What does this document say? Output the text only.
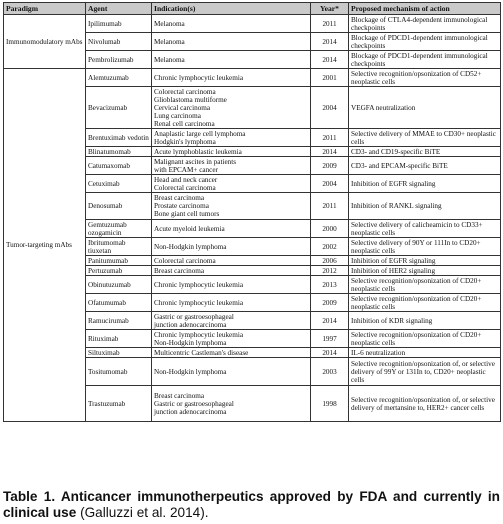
Paradigm	Agent	Indication(s)	Year*	Proposed mechanism of action
Immunomodulatory mAbs	Ipilimumab	Melanoma	2011	Blockage of CTLA4-dependent immunological checkpoints
	Nivolumab	Melanoma	2014	Blockage of PDCD1-dependent immunological checkpoints
	Pembrolizumab	Melanoma	2014	Blockage of PDCD1-dependent immunological checkpoints
Tumor-targeting mAbs	Alemtuzumab	Chronic lymphocytic leukemia	2001	Selective recognition/opsonization of CD52+ neoplastic cells
	Bevacizumab	Colorectal carcinoma
Glioblastoma multiforme
Cervical carcinoma
Lung carcinoma
Renal cell carcinoma	2004	VEGFA neutralization
	Brentuximab vedotin	Anaplastic large cell lymphoma
Hodgkin's lymphoma	2011	Selective delivery of MMAE to CD30+ neoplastic cells
	Blinatumomab	Acute lymphoblastic leukemia	2014	CD3- and CD19-specific BiTE
	Catumaxomab	Malignant ascites in patients
with EPCAM+ cancer	2009	CD3- and EPCAM-specific BiTE
	Cetuximab	Head and neck cancer
Colorectal carcinoma	2004	Inhibition of EGFR signaling
	Denosumab	Breast carcinoma
Prostate carcinoma
Bone giant cell tumors	2011	Inhibition of RANKL signaling
	Gemtuzumab ozogamicin	Acute myeloid leukemia	2000	Selective delivery of calicheamicin to CD33+ neoplastic cells
	Ibritumomab tiuxetan	Non-Hodgkin lymphoma	2002	Selective delivery of 90Y or 111In to CD20+ neoplastic cells
	Panitumumab	Colorectal carcinoma	2006	Inhibition of EGFR signaling
	Pertuzumab	Breast carcinoma	2012	Inhibition of HER2 signaling
	Obinutuzumab	Chronic lymphocytic leukemia	2013	Selective recognition/opsonization of CD20+ neoplastic cells
	Ofatumumab	Chronic lymphocytic leukemia	2009	Selective recognition/opsonization of CD20+ neoplastic cells
	Ramucirumab	Gastric or gastroesophageal
junction adenocarcinoma	2014	Inhibition of KDR signaling
	Rituximab	Chronic lymphocytic leukemia
Non-Hodgkin lymphoma	1997	Selective recognition/opsonization of CD20+ neoplastic cells
	Siltuximab	Multicentric Castleman's disease	2014	IL-6 neutralization
	Tositumomab	Non-Hodgkin lymphoma	2003	Selective recognition/opsonization of, or selective delivery of 99Y or 131In to, CD20+ neoplastic cells
	Trastuzumab	Breast carcinoma
Gastric or gastroesophageal
junction adenocarcinoma	1998	Selective recognition/opsonization of, or selective delivery of mertansine to, HER2+ cancer cells
Table 1. Anticancer immunotherpeutics approved by FDA and currently in clinical use (Galluzzi et al. 2014).
